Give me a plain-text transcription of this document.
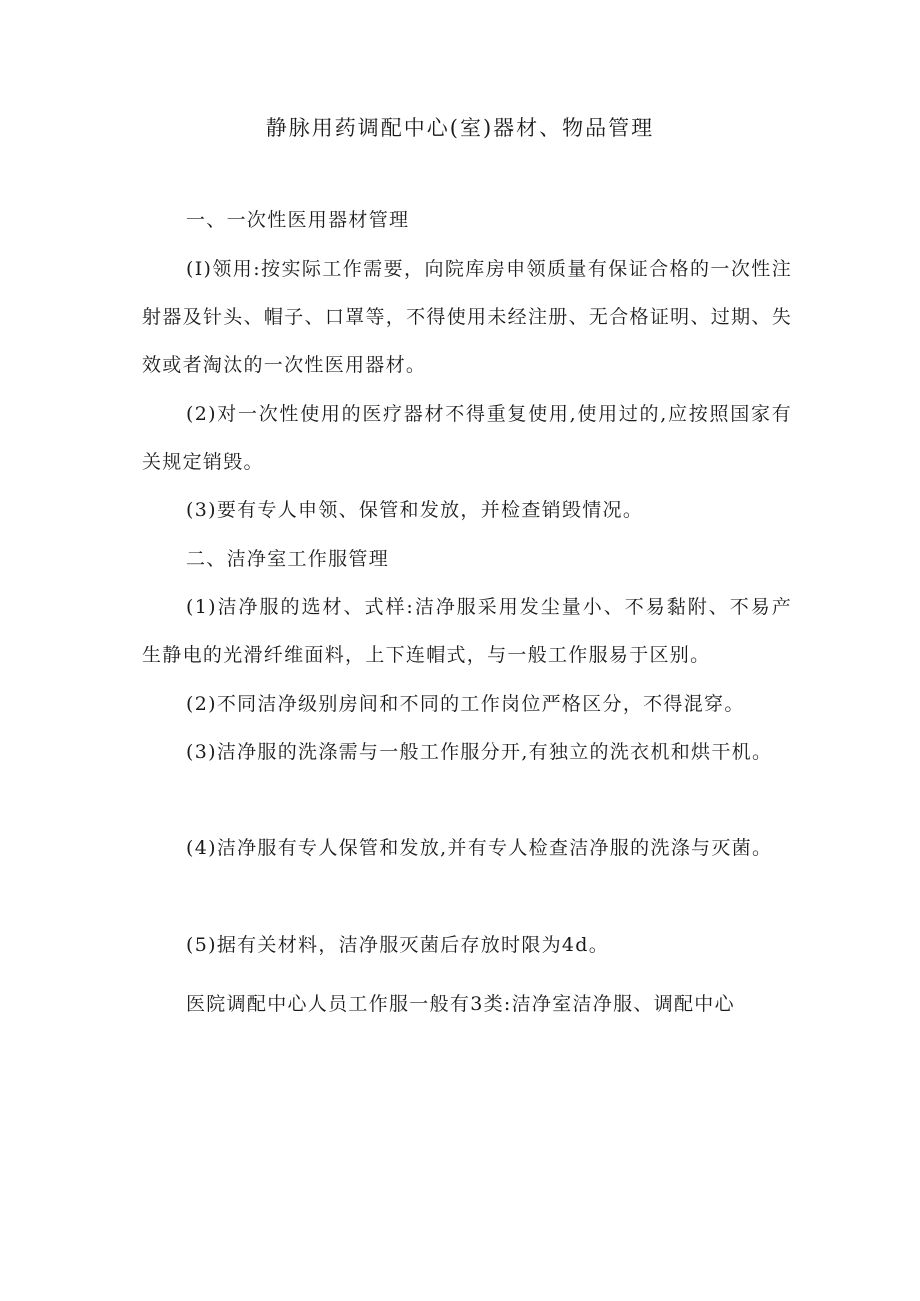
静脉用药调配中心(室)器材、物品管理

一、一次性医用器材管理

(I)领用:按实际工作需要，向院库房申领质量有保证合格的一次性注射器及针头、帽子、口罩等，不得使用未经注册、无合格证明、过期、失效或者淘汰的一次性医用器材。

(2)对一次性使用的医疗器材不得重复使用,使用过的,应按照国家有关规定销毁。

(3)要有专人申领、保管和发放，并检查销毁情况。

二、洁净室工作服管理

(1)洁净服的选材、式样:洁净服采用发尘量小、不易黏附、不易产生静电的光滑纤维面料，上下连帽式，与一般工作服易于区别。

(2)不同洁净级别房间和不同的工作岗位严格区分，不得混穿。

(3)洁净服的洗涤需与一般工作服分开,有独立的洗衣机和烘干机。

(4)洁净服有专人保管和发放,并有专人检查洁净服的洗涤与灭菌。

(5)据有关材料，洁净服灭菌后存放时限为4d。

医院调配中心人员工作服一般有3类:洁净室洁净服、调配中心
